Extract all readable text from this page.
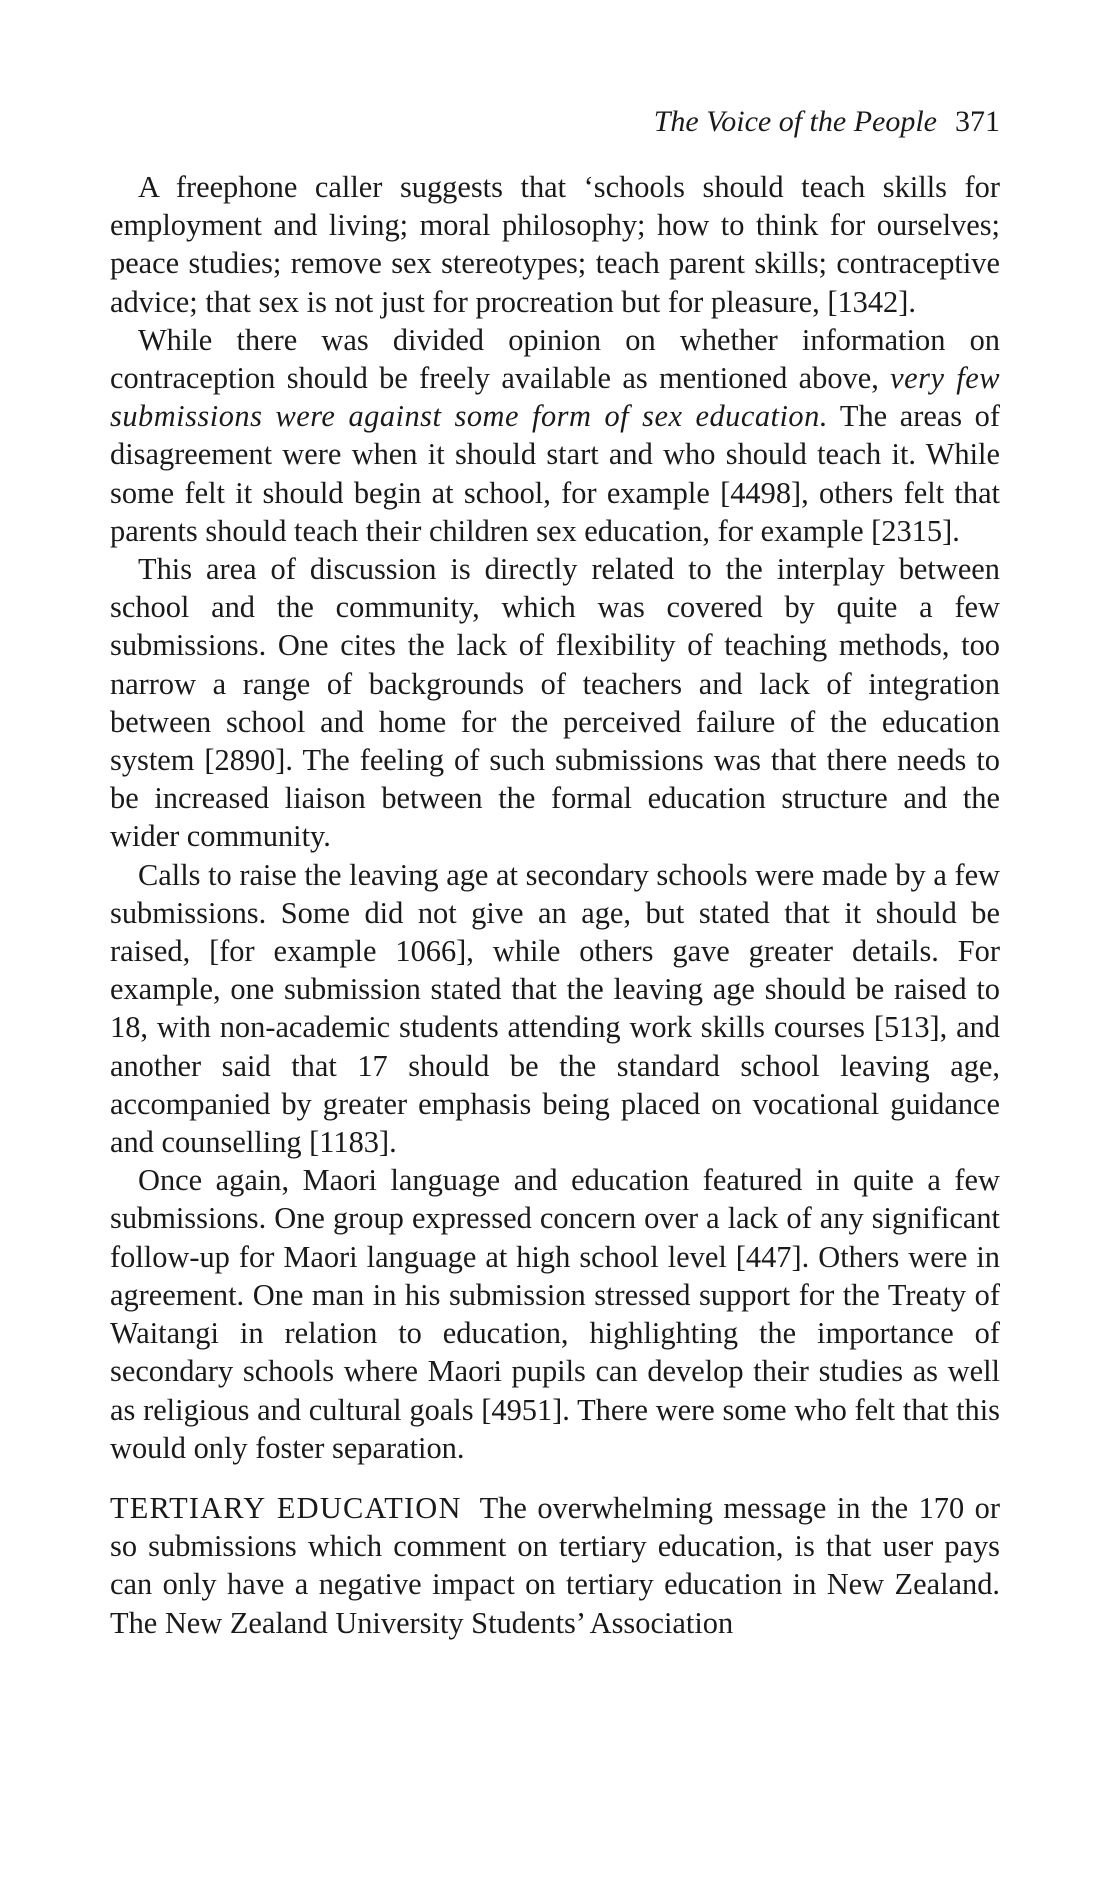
The Voice of the People 371

A freephone caller suggests that ‘schools should teach skills for employment and living; moral philosophy; how to think for ourselves; peace studies; remove sex stereotypes; teach parent skills; contraceptive advice; that sex is not just for procreation but for pleasure, [1342].

While there was divided opinion on whether information on contraception should be freely available as mentioned above, very few submissions were against some form of sex education. The areas of disagreement were when it should start and who should teach it. While some felt it should begin at school, for example [4498], others felt that parents should teach their children sex education, for example [2315].

This area of discussion is directly related to the interplay between school and the community, which was covered by quite a few submissions. One cites the lack of flexibility of teaching methods, too narrow a range of backgrounds of teachers and lack of integration between school and home for the perceived failure of the education system [2890]. The feeling of such submissions was that there needs to be increased liaison between the formal education structure and the wider community.

Calls to raise the leaving age at secondary schools were made by a few submissions. Some did not give an age, but stated that it should be raised, [for example 1066], while others gave greater details. For example, one submission stated that the leaving age should be raised to 18, with non-academic students attending work skills courses [513], and another said that 17 should be the standard school leaving age, accompanied by greater emphasis being placed on vocational guidance and counselling [1183].

Once again, Maori language and education featured in quite a few submissions. One group expressed concern over a lack of any significant follow-up for Maori language at high school level [447]. Others were in agreement. One man in his submission stressed support for the Treaty of Waitangi in relation to education, highlighting the importance of secondary schools where Maori pupils can develop their studies as well as religious and cultural goals [4951]. There were some who felt that this would only foster separation.

TERTIARY EDUCATION The overwhelming message in the 170 or so submissions which comment on tertiary education, is that user pays can only have a negative impact on tertiary education in New Zealand. The New Zealand University Students’ Association
